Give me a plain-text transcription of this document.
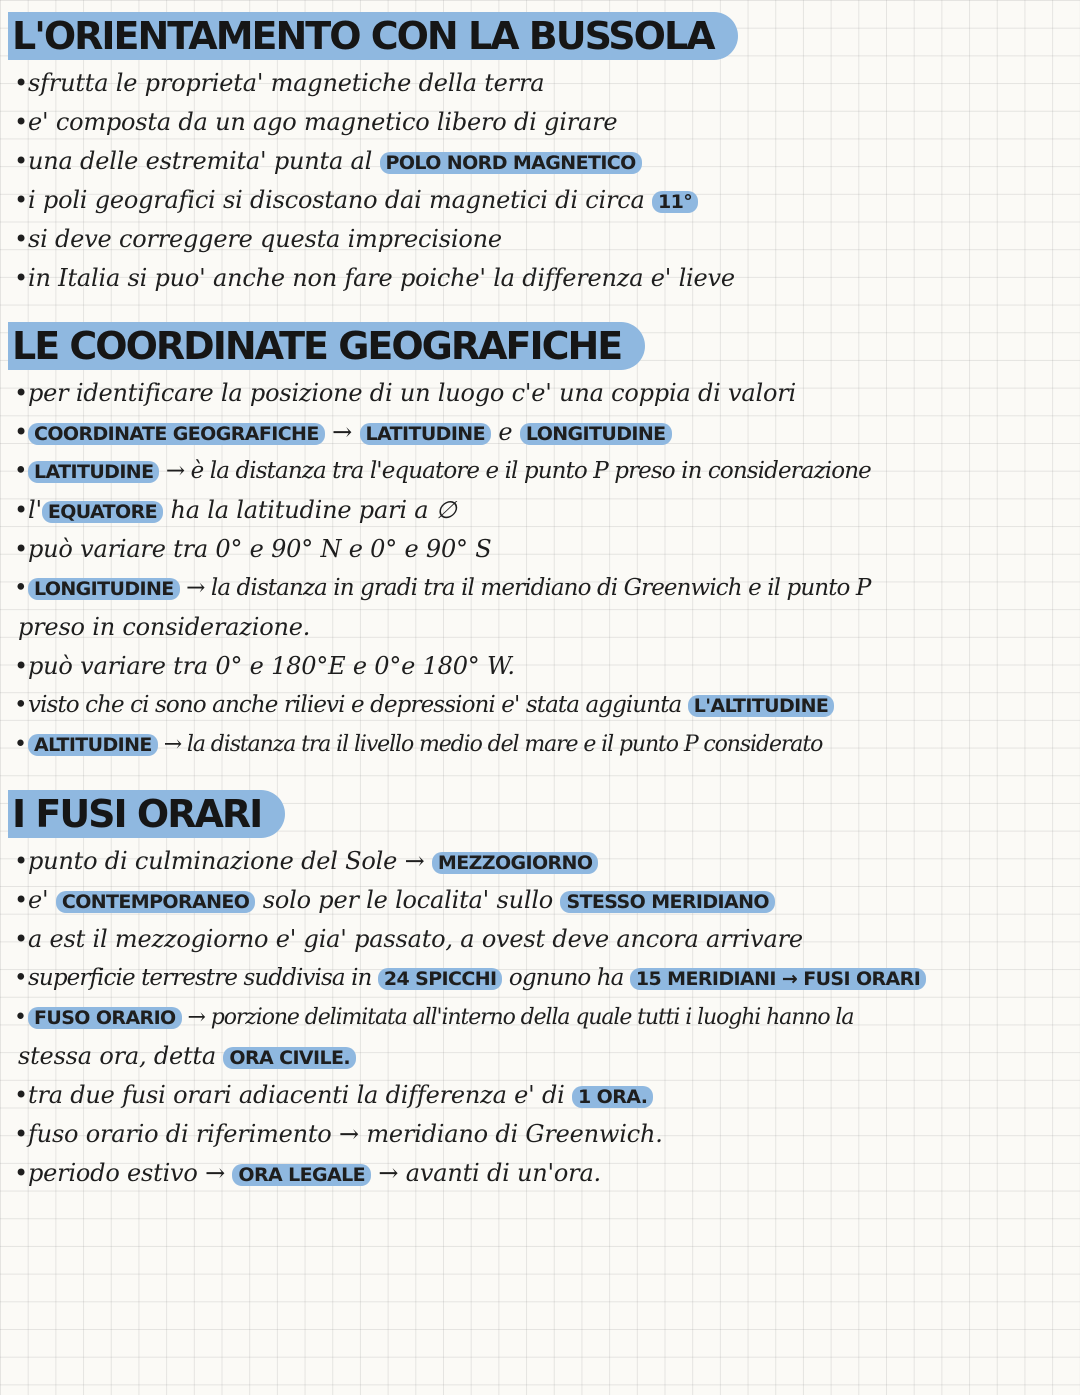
L'ORIENTAMENTO CON LA BUSSOLA
•sfrutta le proprieta' magnetiche della terra
•e' composta da un ago magnetico libero di girare
•una delle estremita' punta al POLO NORD MAGNETICO
•i poli geografici si discostano dai magnetici di circa 11°
•si deve correggere questa imprecisione
•in Italia si puo' anche non fare poiche' la differenza e' lieve
LE COORDINATE GEOGRAFICHE
•per identificare la posizione di un luogo c'e' una coppia di valori
• COORDINATE GEOGRAFICHE → LATITUDINE e LONGITUDINE
• LATITUDINE → è la distanza tra l'equatore e il punto P preso in considerazione
•l' EQUATORE ha la latitudine pari a ∅
•può variare tra 0° e 90° N e 0° e 90° S
• LONGITUDINE → la distanza in gradi tra il meridiano di Greenwich e il punto P
preso in considerazione.
•può variare tra 0° e 180°E e 0°e 180° W.
•visto che ci sono anche rilievi e depressioni e' stata aggiunta L'ALTITUDINE
• ALTITUDINE → la distanza tra il livello medio del mare e il punto P considerato
I FUSI ORARI
•punto di culminazione del Sole → MEZZOGIORNO
•e' CONTEMPORANEO solo per le localita' sullo STESSO MERIDIANO
•a est il mezzogiorno e' gia' passato, a ovest deve ancora arrivare
•superficie terrestre suddivisa in 24 SPICCHI ognuno ha 15 MERIDIANI → FUSI ORARI
• FUSO ORARIO → porzione delimitata all'interno della quale tutti i luoghi hanno la
stessa ora, detta ORA CIVILE.
•tra due fusi orari adiacenti la differenza e' di 1 ORA.
•fuso orario di riferimento → meridiano di Greenwich.
•periodo estivo → ORA LEGALE → avanti di un'ora.
